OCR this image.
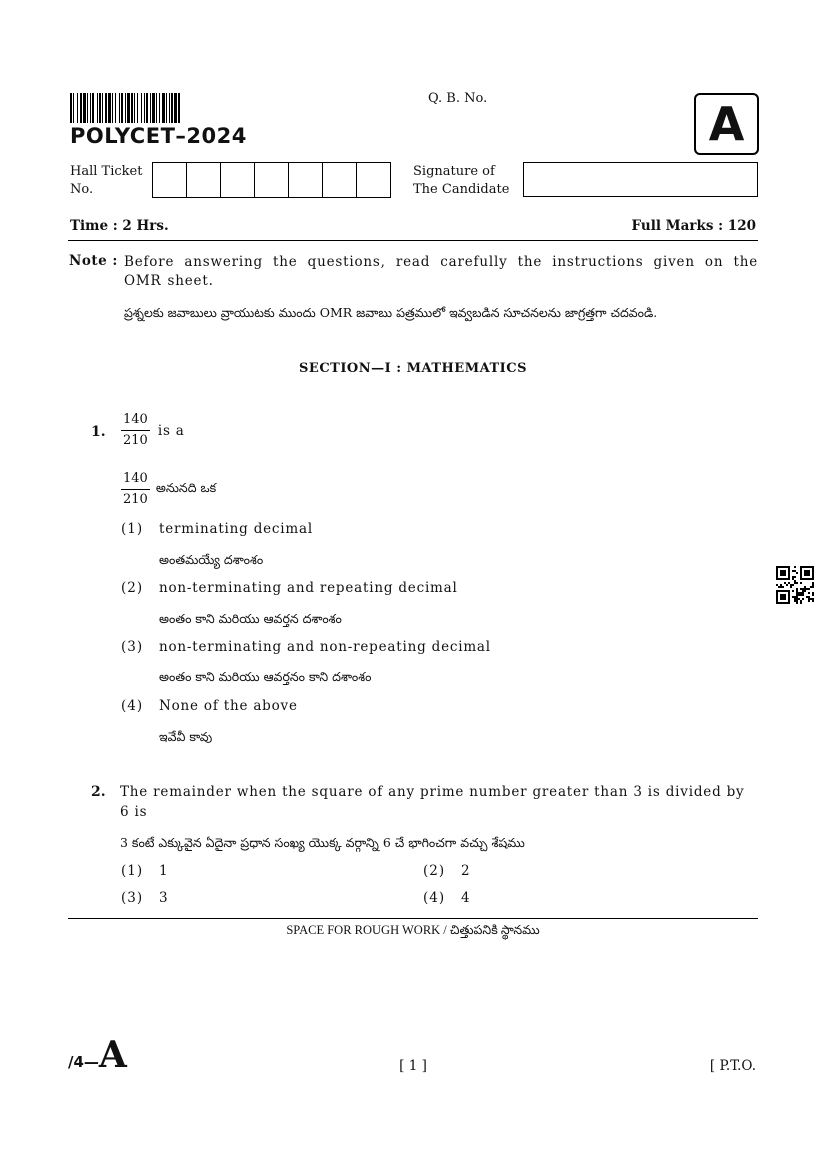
POLYCET–2024
Q. B. No.	A
Hall Ticket
No.
Signature of
The Candidate
Time : 2 Hrs.	Full Marks : 120
Note : Before answering the questions, read carefully the instructions given on the OMR sheet.
ప్రశ్నలకు జవాబులు వ్రాయుటకు ముందు OMR జవాబు పత్రములో ఇవ్వబడిన సూచనలను జాగ్రత్తగా చదవండి.
SECTION—I : MATHEMATICS
1. $\frac{140}{210}$ is a
$\frac{140}{210}$ అనునది ఒక
(1) terminating decimal
అంతమయ్యే దశాంశం
(2) non-terminating and repeating decimal
అంతం కాని మరియు ఆవర్తన దశాంశం
(3) non-terminating and non-repeating decimal
అంతం కాని మరియు ఆవర్తనం కాని దశాంశం
(4) None of the above
ఇవేవీ కావు
2. The remainder when the square of any prime number greater than 3 is divided by
6 is
3 కంటే ఎక్కువైన ఏదైనా ప్రధాన సంఖ్య యొక్క వర్గాన్ని 6 చే భాగించగా వచ్చు శేషము
(1) 1	(2) 2
(3) 3	(4) 4
SPACE FOR ROUGH WORK / చిత్తుపనికి స్థానము
/4— A	[ 1 ]	[ P.T.O.
